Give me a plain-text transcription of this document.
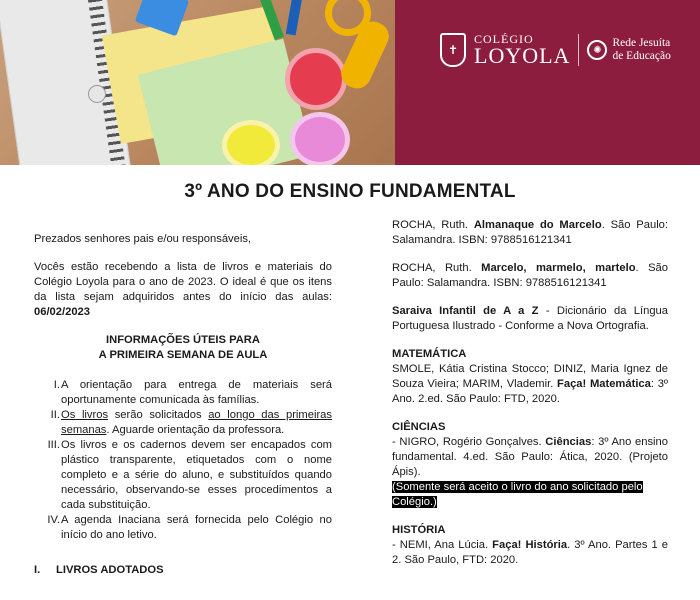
✝
COLÉGIO
LOYOLA	✺
Rede Jesuíta
de Educação
3º ANO DO ENSINO FUNDAMENTAL
Prezados senhores pais e/ou responsáveis,
Vocês estão recebendo a lista de livros e materiais do Colégio Loyola para o ano de 2023. O ideal é que os itens da lista sejam adquiridos antes do início das aulas: 06/02/2023
INFORMAÇÕES ÚTEIS PARA
A PRIMEIRA SEMANA DE AULA
I. A orientação para entrega de materiais será oportunamente comunicada às famílias.
II. Os livros serão solicitados ao longo das primeiras semanas. Aguarde orientação da professora.
III. Os livros e os cadernos devem ser encapados com plástico transparente, etiquetados com o nome completo e a série do aluno, e substituídos quando necessário, observando-se esses procedimentos a cada substituição.
IV. A agenda Inaciana será fornecida pelo Colégio no início do ano letivo.
I.	LIVROS ADOTADOS
ROCHA, Ruth. Almanaque do Marcelo. São Paulo: Salamandra. ISBN: 9788516121341
ROCHA, Ruth. Marcelo, marmelo, martelo. São Paulo: Salamandra. ISBN: 9788516121341
Saraiva Infantil de A a Z - Dicionário da Língua Portuguesa Ilustrado - Conforme a Nova Ortografia.
MATEMÁTICA
SMOLE, Kátia Cristina Stocco; DINIZ, Maria Ignez de Souza Vieira; MARIM, Vlademir. Faça! Matemática: 3º Ano. 2.ed. São Paulo: FTD, 2020.
CIÊNCIAS
- NIGRO, Rogério Gonçalves. Ciências: 3º Ano ensino fundamental. 4.ed. São Paulo: Ática, 2020. (Projeto Ápis).
(Somente será aceito o livro do ano solicitado pelo Colégio.)
HISTÓRIA
- NEMI, Ana Lúcia. Faça! História. 3º Ano. Partes 1 e 2. São Paulo, FTD: 2020.
